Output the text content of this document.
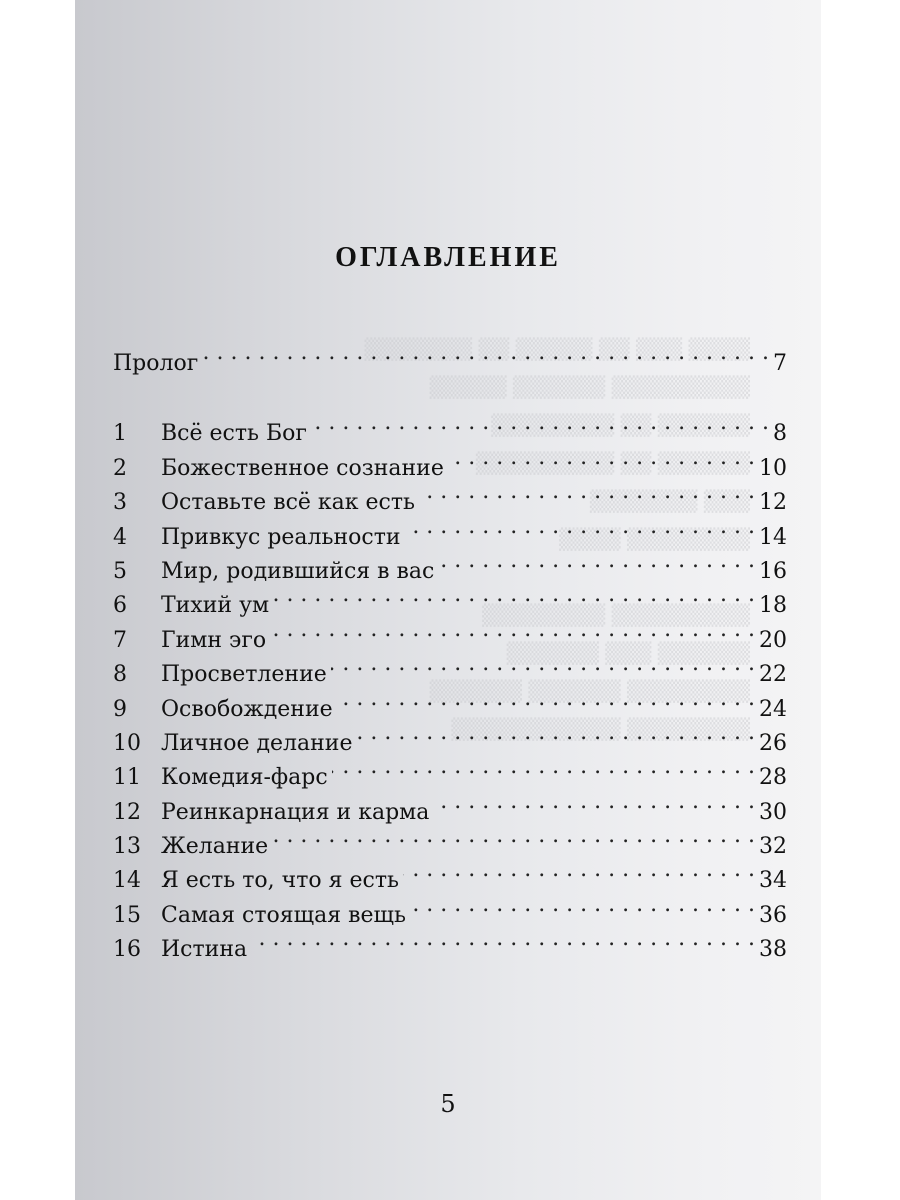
▒▒▒▒ ▒▒▒ ▒▒ ▒▒▒▒▒ ▒▒ ▒▒▒▒▒▒▒
▒▒▒▒▒▒▒▒▒ ▒▒▒▒▒▒ ▒▒▒▒▒
▒▒▒▒▒▒ ▒▒ ▒▒▒▒▒▒▒▒
▒▒▒▒▒▒ ▒▒ ▒▒▒▒▒▒▒▒▒
▒▒▒ ▒▒▒▒▒▒▒
▒▒▒▒▒▒▒▒ ▒▒▒▒

▒▒▒▒▒▒▒▒▒ ▒▒▒▒▒▒▒▒
▒▒▒▒▒▒ ▒▒▒ ▒▒▒▒▒▒
▒▒▒▒▒▒▒▒ ▒▒▒▒▒▒ ▒▒▒▒▒▒
▒▒▒▒▒▒▒▒ ▒▒▒▒▒▒▒▒▒▒▒
ОГЛАВЛЕНИЕ
Пролог . . .	7
1	Всё есть Бог . . .	8
2	Божественное сознание . . .	10
3	Оставьте всё как есть . . .	12
4	Привкус реальности . . .	14
5	Мир, родившийся в вас . . .	16
6	Тихий ум . . .	18
7	Гимн эго . . .	20
8	Просветление . . .	22
9	Освобождение . . .	24
10 Личное делание . . .	26
11 Комедия-фарс . . .	28
12 Реинкарнация и карма . . .	30
13 Желание . . .	32
14 Я есть то, что я есть . . .	34
15 Самая стоящая вещь . . .	36
16 Истина . . .	38
5
